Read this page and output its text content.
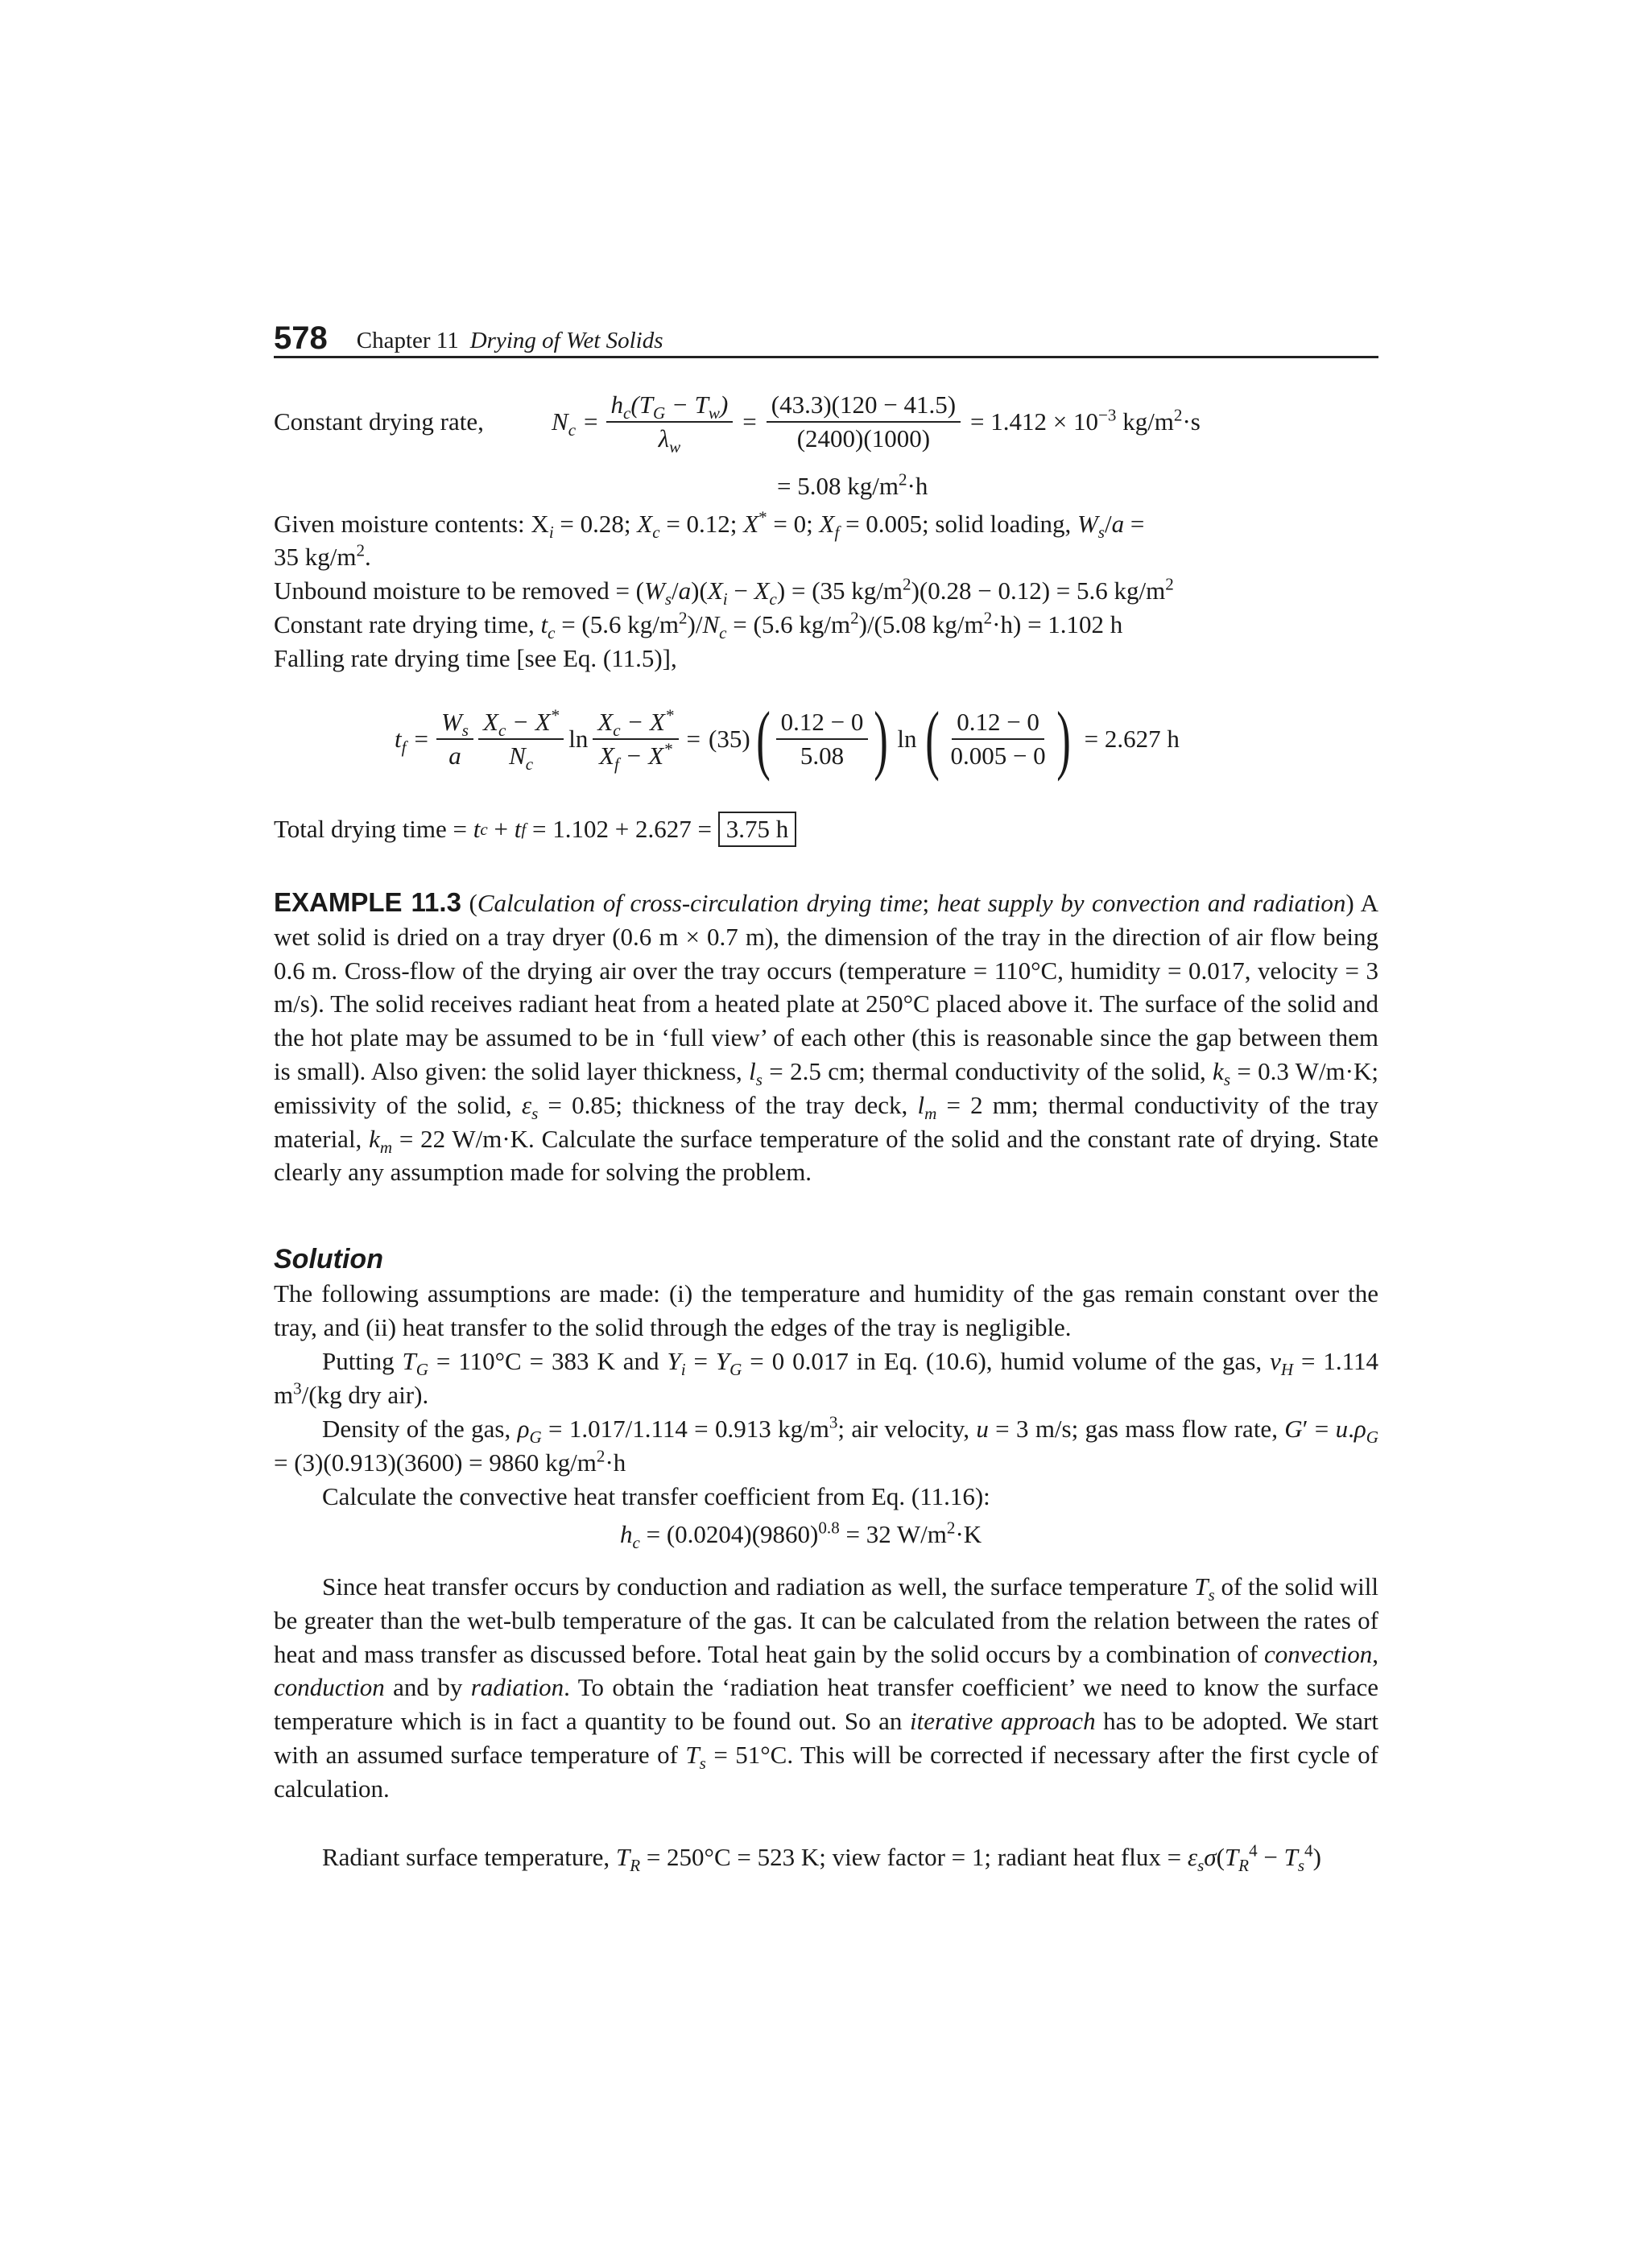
578 Chapter 11 Drying of Wet Solids
Constant drying rate,	$N_c = \frac{h_c(T_G - T_w)}{\lambda_w} = \frac{(43.3)(120 - 41.5)}{(2400)(1000)} = 1.412 \times 10^{-3}$ $kg/m^2\cdot s$
= 5.08 $kg/m^2\cdot h$
Given moisture contents: $X_i = 0.28$; $X_c = 0.12$; X* = 0; $X_f = 0.005$; solid loading, $W_s/a$ =
35 $kg/m^2$.
Unbound moisture to be removed = $(W_s/a)(X_i - X_c) = (35$ $kg/m^2)(0.28 - 0.12) = 5.6$ $kg/m^2$
Constant rate drying time, $t_c = (5.6$ $kg/m^2)/N_c = (5.6$ $kg/m^2)/(5.08$ $kg/m^2\cdot h) = 1.102$ h
Falling rate drying time [see Eq. (11.5)],
$t_f = \frac{W_s}{a} X_c - X^*$
$N_c$
$\ln \frac{X_c - X^*}{X_f - X^*} = (35)$ ( 0.12 − 0
5.08 ) ln ( 0.12 − 0
0.005 − 0 ) = 2.627 h
Total drying time =
t c + t f = 1.102 + 2.627 = 3.75 h
EXAMPLE 11.3 (Calculation of cross-circulation drying time; heat supply by convection and radiation) A wet solid is dried on a tray dryer (0.6 m × 0.7 m), the dimension of the tray in the direction of air flow being 0.6 m. Cross-flow of the drying air over the tray occurs (temperature = 110°C, humidity = 0.017, velocity = 3 m/s). The solid receives radiant heat from a heated plate at 250°C placed above it. The surface of the solid and the hot plate may be assumed to be in ‘full view’ of each other (this is reasonable since the gap between them is small). Also given: the solid layer thickness, $l_s = 2.5$ cm; thermal conductivity of the solid, $k_s = 0.3$ W/m·K; emissivity of the solid, $\varepsilon_s = 0.85$; thickness of the tray deck, $l_m = 2$ mm; thermal conductivity of the tray material, $k_m = 22$ W/m·K. Calculate the surface temperature of the solid and the constant rate of drying. State clearly any assumption made for solving the problem.
Solution
The following assumptions are made: (i) the temperature and humidity of the gas remain constant over the tray, and (ii) heat transfer to the solid through the edges of the tray is negligible.
Putting $T_G = 110^\circ C = 383$ K and $Y_i = Y_G = 0$ 0.017 in Eq. (10.6), humid volume of the gas, $v_H = 1.114$ $m^3/(kg$ dry air).
Density of the gas, $\rho_G = 1.017/1.114 = 0.913$ $kg/m^3$; air velocity, u = 3 m/s; gas mass flow rate, $G' = u.\rho_G = (3)(0.913)(3600) = 9860$ $kg/m^2\cdot h$
Calculate the convective heat transfer coefficient from Eq. (11.16):
$h_c = (0.0204)(9860)^{0.8} = 32$ $W/m^2\cdot K$
Since heat transfer occurs by conduction and radiation as well, the surface temperature $T_s$ of the solid will be greater than the wet-bulb temperature of the gas. It can be calculated from the relation between the rates of heat and mass transfer as discussed before. Total heat gain by the solid occurs by a combination of convection, conduction and by radiation. To obtain the ‘radiation heat transfer coefficient’ we need to know the surface temperature which is in fact a quantity to be found out. So an iterative approach has to be adopted. We start with an assumed surface temperature of $T_s = 51^\circ C$. This will be corrected if necessary after the first cycle of calculation.
Radiant surface temperature, $T_R = 250^\circ C = 523$ K; view factor = 1; radiant heat flux = $\varepsilon_s\sigma(T_R^4 - T_s^4)$
